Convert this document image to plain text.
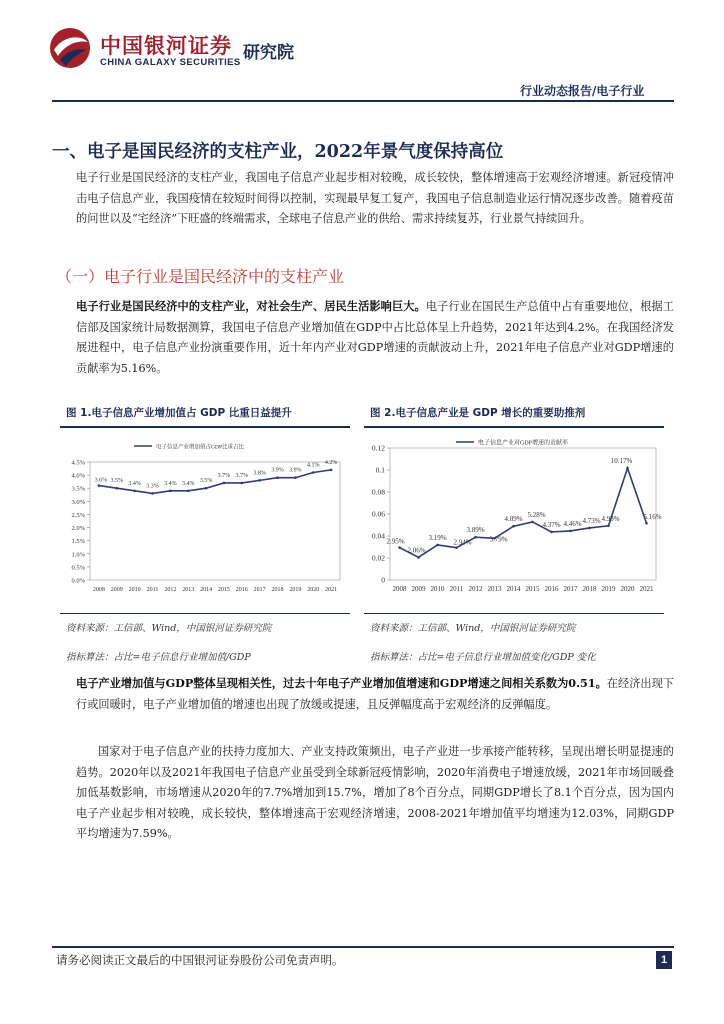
中国银河证券
CHINA GALAXY SECURITIES 研究院
行业动态报告/电子行业
一、电子是国民经济的支柱产业，2022年景气度保持高位
电子行业是国民经济的支柱产业，我国电子信息产业起步相对较晚，成长较快，整体增速高于宏观经济增速。新冠疫情冲击电子信息产业，我国疫情在较短时间得以控制，实现最早复工复产，我国电子信息制造业运行情况逐步改善。随着疫苗的问世以及“宅经济”下旺盛的终端需求，全球电子信息产业的供给、需求持续复苏，行业景气持续回升。
（一）电子行业是国民经济中的支柱产业
电子行业是国民经济中的支柱产业，对社会生产、居民生活影响巨大。电子行业在国民生产总值中占有重要地位，根据工信部及国家统计局数据测算，我国电子信息产业增加值在GDP中占比总体呈上升趋势，2021年达到4.2%。在我国经济发展进程中，电子信息产业扮演重要作用，近十年内产业对GDP增速的贡献波动上升，2021年电子信息产业对GDP增速的贡献率为5.16%。
图 1.电子信息产业增加值占 GDP 比重日益提升
0.0%
0.5%
1.0%
1.5%
2.0%
2.5%
3.0%
3.5%
4.0%
4.5%
2008 2009 2010 2011 2012 2013 2014 2015 2016 2017 2018 2019 2020 2021
3.6% 3.5% 3.4% 3.3% 3.4% 3.4% 3.5%
3.7% 3.7% 3.8% 3.9% 3.9%
4.1% 4.2%
电子信息产业增加值占GDP比重占比
资料来源：工信部、Wind，中国银河证券研究院
指标算法：占比=电子信息行业增加值/GDP
图 2.电子信息产业是 GDP 增长的重要助推剂
0
0.02
0.04
0.06
0.08
0.1
0.12
2008 2009 2010 2011 2012 2013 2014 2015 2016 2017 2018 2019 2020 2021
2.95%
2.06%
3.19%
2.94%
3.89%
3.79%
4.89%
5.28%
4.37% 4.46% 4.73% 4.93%
10.17%
5.16%
电子信息产业对GDP增速的贡献率
资料来源：工信部、Wind，中国银河证券研究院
指标算法：占比=电子信息行业增加值变化/GDP 变化
电子产业增加值与GDP整体呈现相关性，过去十年电子产业增加值增速和GDP增速之间相关系数为0.51。在经济出现下行或回暖时，电子产业增加值的增速也出现了放缓或提速，且反弹幅度高于宏观经济的反弹幅度。
国家对于电子信息产业的扶持力度加大、产业支持政策频出，电子产业进一步承接产能转移，呈现出增长明显提速的趋势。2020年以及2021年我国电子信息产业虽受到全球新冠疫情影响，2020年消费电子增速放缓，2021年市场回暖叠加低基数影响，市场增速从2020年的7.7%增加到15.7%，增加了8个百分点，同期GDP增长了8.1个百分点，因为国内电子产业起步相对较晚，成长较快，整体增速高于宏观经济增速，2008-2021年增加值平均增速为12.03%，同期GDP平均增速为7.59%。
请务必阅读正文最后的中国银河证券股份公司免责声明。	1
